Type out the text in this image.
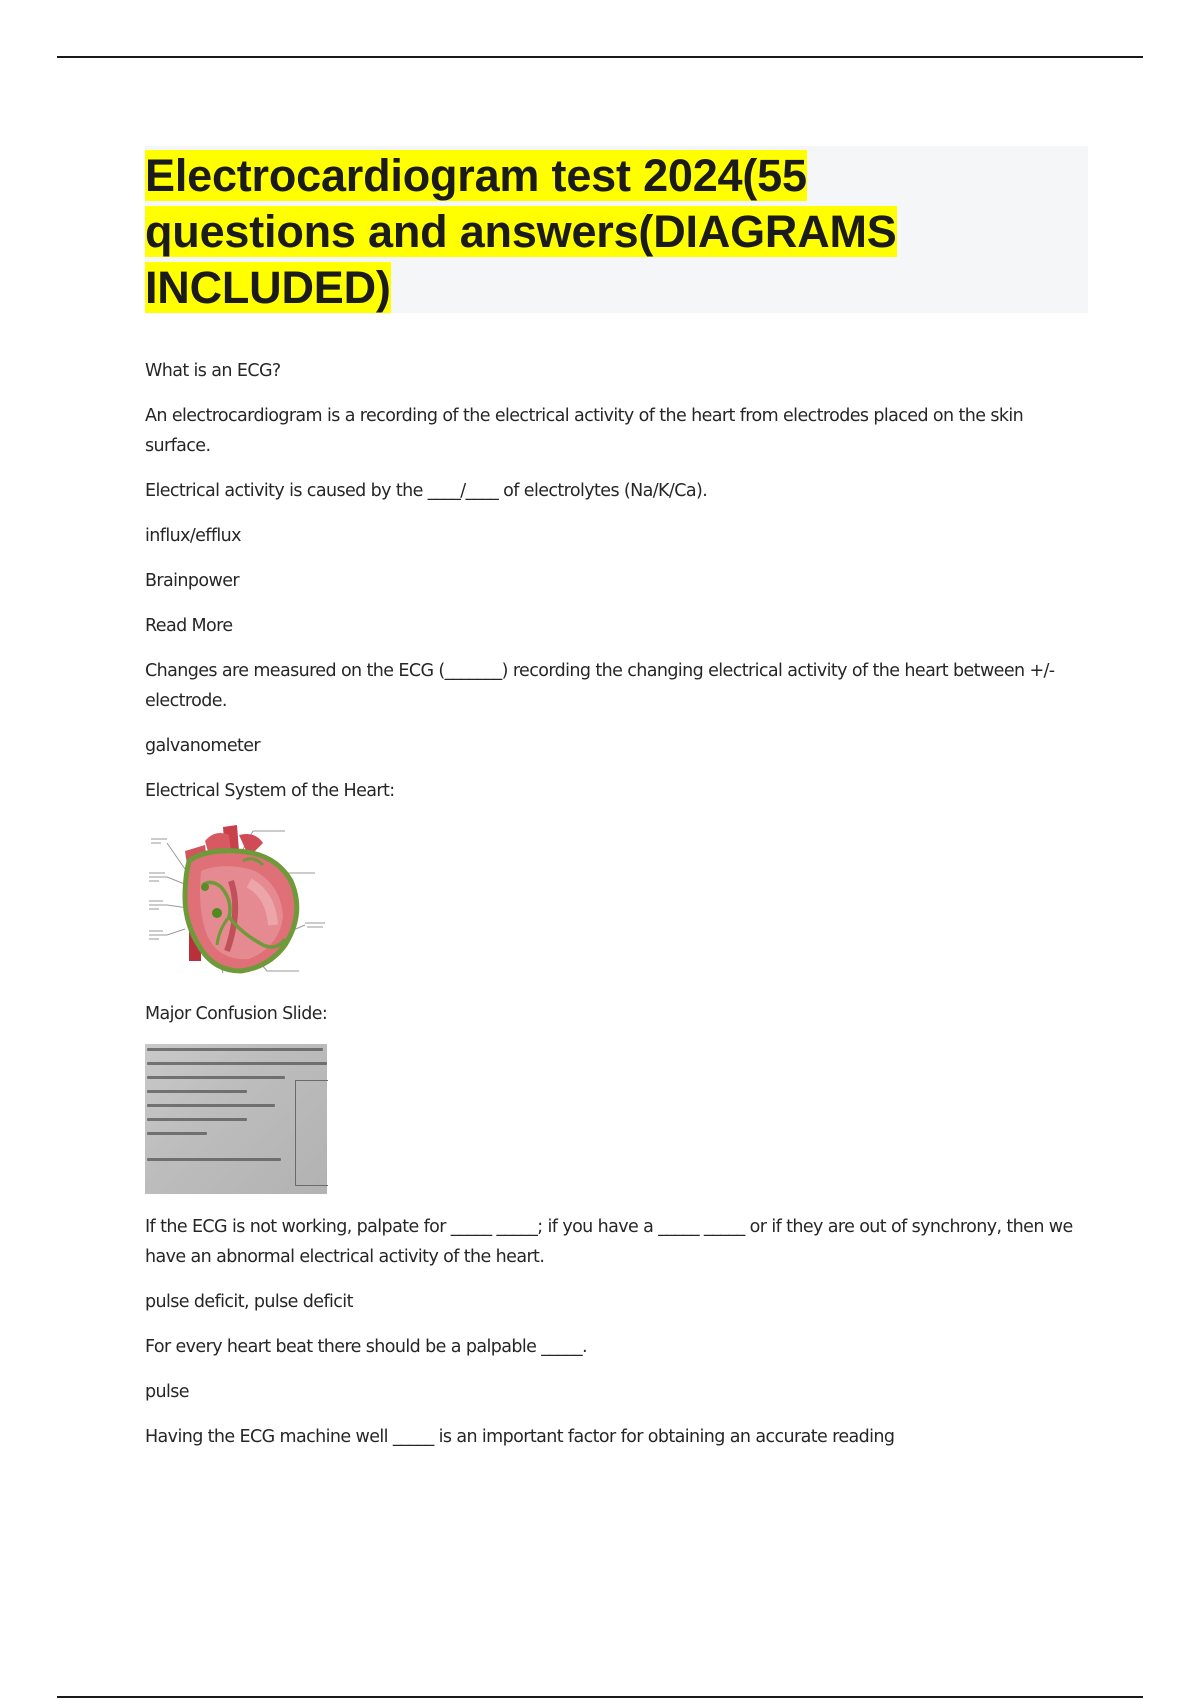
Electrocardiogram test 2024(55
questions and answers(DIAGRAMS
INCLUDED)

What is an ECG?

An electrocardiogram is a recording of the electrical activity of the heart from electrodes placed on the skin surface.

Electrical activity is caused by the ____/____ of electrolytes (Na/K/Ca).

influx/efflux

Brainpower

Read More

Changes are measured on the ECG (_______) recording the changing electrical activity of the heart between +/- electrode.

galvanometer

Electrical System of the Heart:

Major Confusion Slide:

If the ECG is not working, palpate for _____ _____; if you have a _____ _____ or if they are out of synchrony, then we have an abnormal electrical activity of the heart.

pulse deficit, pulse deficit

For every heart beat there should be a palpable _____.

pulse

Having the ECG machine well _____ is an important factor for obtaining an accurate reading
